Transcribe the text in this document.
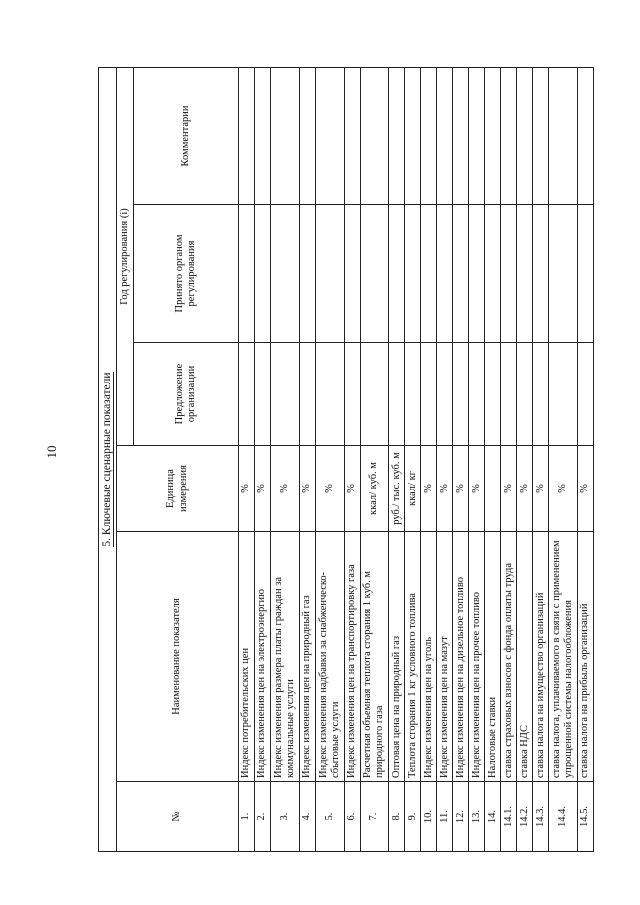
10	5. Ключевые сценарные показатели					
№	Наименование показателя	Единица измерения	Год регулирования (i)		
			Предложение организации	Принято органом регулирования	Комментарии
1.	Индекс потребительских цен	%			
2.	Индекс изменения цен на электроэнергию	%			
3.	Индекс изменения размера платы граждан за коммунальные услуги	%			
4.	Индекс изменения цен на природный газ	%			
5.	Индекс изменения надбавки за снабженческо-сбытовые услуги	%			
6.	Индекс изменения цен на транспортировку газа	%			
7.	Расчетная объемная теплота сгорания 1 куб. м природного газа	ккал/ куб. м			
8.	Оптовая цена на природный газ	руб./ тыс. куб. м			
9.	Теплота сгорания 1 кг условного топлива	ккал/ кг			
10.	Индекс изменения цен на уголь	%			
11.	Индекс изменения цен на мазут	%			
12.	Индекс изменения цен на дизельное топливо	%			
13.	Индекс изменения цен на прочее топливо	%			
14.	Налоговые ставки				
14.1.	ставка страховых взносов с фонда оплаты труда	%			
14.2.	ставка НДС	%			
14.3.	ставка налога на имущество организаций	%			
14.4.	ставка налога, уплачиваемого в связи с применением упрощенной системы налогообложения	%			
14.5.	ставка налога на прибыль организаций	%			
